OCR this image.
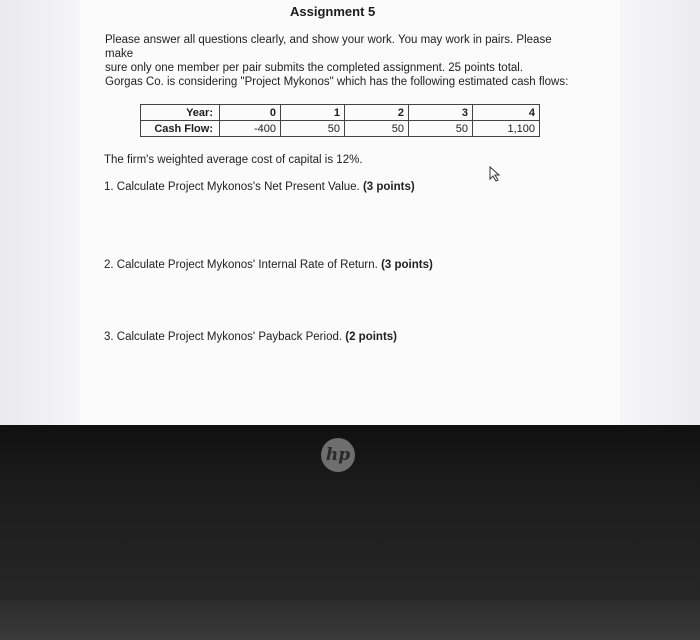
Assignment 5
Please answer all questions clearly, and show your work. You may work in pairs. Please make
sure only one member per pair submits the completed assignment. 25 points total.
Gorgas Co. is considering "Project Mykonos" which has the following estimated cash flows:
Year:	0	1	2	3	4
Cash Flow:	-400	50	50	50	1,100
The firm's weighted average cost of capital is 12%.
1. Calculate Project Mykonos's Net Present Value. (3 points)
2. Calculate Project Mykonos' Internal Rate of Return. (3 points)
3. Calculate Project Mykonos' Payback Period. (2 points)
hp
